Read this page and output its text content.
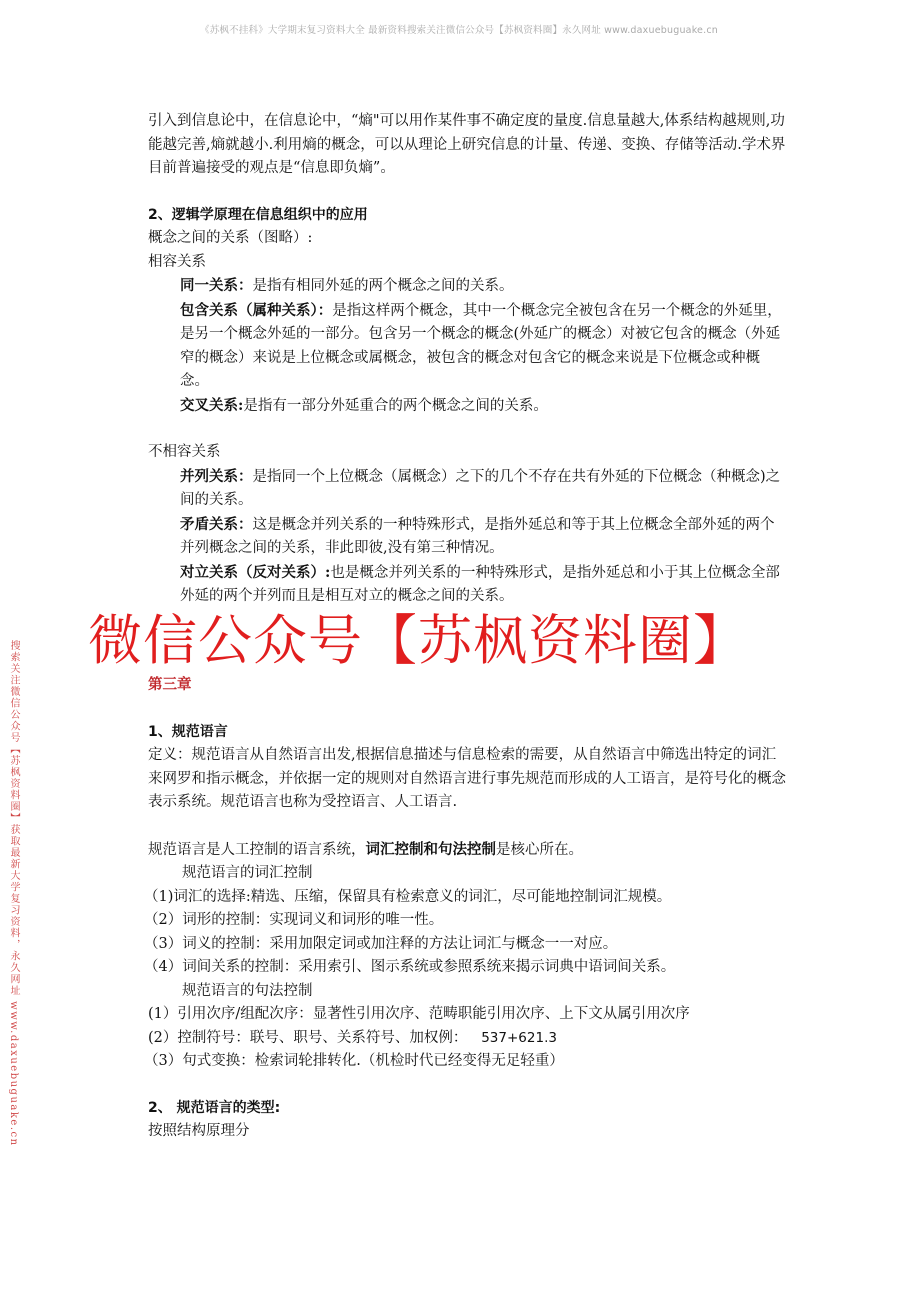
《苏枫不挂科》大学期末复习资料大全 最新资料搜索关注微信公众号【苏枫资料圈】永久网址 www.daxuebuguake.cn
搜索关注微信公众号【苏枫资料圈】获取最新大学复习资料，永久网址 www.daxuebuguake.cn

引入到信息论中，在信息论中，“熵"可以用作某件事不确定度的量度.信息量越大,体系结构越规则,功能越完善,熵就越小.利用熵的概念，可以从理论上研究信息的计量、传递、变换、存储等活动.学术界目前普遍接受的观点是“信息即负熵”。

2、逻辑学原理在信息组织中的应用

概念之间的关系（图略）:

相容关系

同一关系：是指有相同外延的两个概念之间的关系。

包含关系（属种关系）：是指这样两个概念，其中一个概念完全被包含在另一个概念的外延里，是另一个概念外延的一部分。包含另一个概念的概念(外延广的概念）对被它包含的概念（外延窄的概念）来说是上位概念或属概念，被包含的概念对包含它的概念来说是下位概念或种概念。

交叉关系:是指有一部分外延重合的两个概念之间的关系。

不相容关系

并列关系：是指同一个上位概念（属概念）之下的几个不存在共有外延的下位概念（种概念)之间的关系。

矛盾关系：这是概念并列关系的一种特殊形式，是指外延总和等于其上位概念全部外延的两个并列概念之间的关系，非此即彼,没有第三种情况。

对立关系（反对关系）:也是概念并列关系的一种特殊形式，是指外延总和小于其上位概念全部外延的两个并列而且是相互对立的概念之间的关系。

微信公众号【苏枫资料圈】

第三章

1、规范语言

定义：规范语言从自然语言出发,根据信息描述与信息检索的需要，从自然语言中筛选出特定的词汇来网罗和指示概念，并依据一定的规则对自然语言进行事先规范而形成的人工语言，是符号化的概念表示系统。规范语言也称为受控语言、人工语言.

规范语言是人工控制的语言系统，词汇控制和句法控制是核心所在。

规范语言的词汇控制

（1)词汇的选择:精选、压缩，保留具有检索意义的词汇，尽可能地控制词汇规模。

（2）词形的控制：实现词义和词形的唯一性。

（3）词义的控制：采用加限定词或加注释的方法让词汇与概念一一对应。

（4）词间关系的控制：采用索引、图示系统或参照系统来揭示词典中语词间关系。

规范语言的句法控制

(1）引用次序/组配次序：显著性引用次序、范畴职能引用次序、上下文从属引用次序

(2）控制符号：联号、职号、关系符号、加权例： 537+621.3

（3）句式变换：检索词轮排转化.（机检时代已经变得无足轻重）

2、 规范语言的类型:

按照结构原理分
